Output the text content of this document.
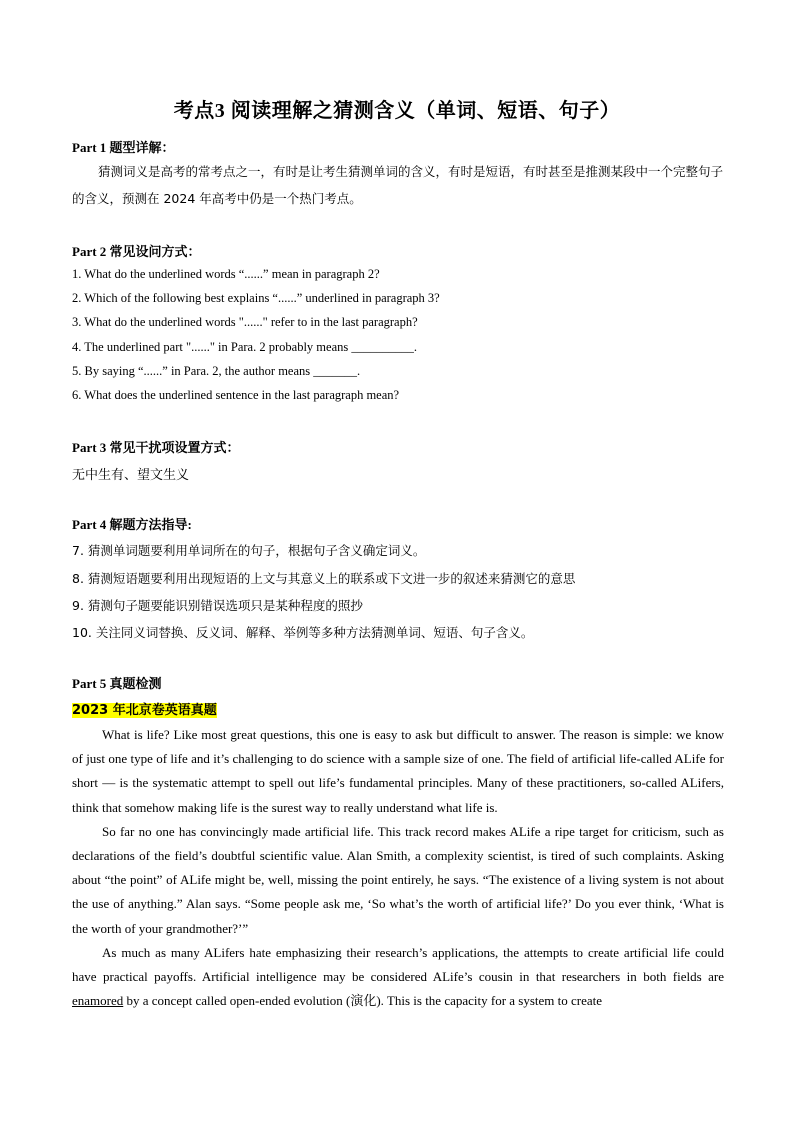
考点3 阅读理解之猜测含义（单词、短语、句子）
Part 1 题型详解：
猜测词义是高考的常考点之一，有时是让考生猜测单词的含义，有时是短语，有时甚至是推测某段中一个完整句子的含义，预测在 2024 年高考中仍是一个热门考点。
Part 2 常见设问方式：
1. What do the underlined words “......” mean in paragraph 2?
2. Which of the following best explains “......” underlined in paragraph 3?
3. What do the underlined words "......" refer to in the last paragraph?
4. The underlined part "......" in Para. 2 probably means __________.
5. By saying “......” in Para. 2, the author means _______.
6. What does the underlined sentence in the last paragraph mean?
Part 3 常见干扰项设置方式：
无中生有、望文生义
Part 4 解题方法指导:
7. 猜测单词题要利用单词所在的句子，根据句子含义确定词义。
8. 猜测短语题要利用出现短语的上文与其意义上的联系或下文进一步的叙述来猜测它的意思
9. 猜测句子题要能识别错误选项只是某种程度的照抄
10. 关注同义词替换、反义词、解释、举例等多种方法猜测单词、短语、句子含义。
Part 5 真题检测
2023 年北京卷英语真题

What is life? Like most great questions, this one is easy to ask but difficult to answer. The reason is simple: we know of just one type of life and it’s challenging to do science with a sample size of one. The field of artificial life-called ALife for short — is the systematic attempt to spell out life’s fundamental principles. Many of these practitioners, so-called ALifers, think that somehow making life is the surest way to really understand what life is.

So far no one has convincingly made artificial life. This track record makes ALife a ripe target for criticism, such as declarations of the field’s doubtful scientific value. Alan Smith, a complexity scientist, is tired of such complaints. Asking about “the point” of ALife might be, well, missing the point entirely, he says. “The existence of a living system is not about the use of anything.” Alan says. “Some people ask me, ‘So what’s the worth of artificial life?’ Do you ever think, ‘What is the worth of your grandmother?’”

As much as many ALifers hate emphasizing their research’s applications, the attempts to create artificial life could have practical payoffs. Artificial intelligence may be considered ALife’s cousin in that researchers in both fields are enamored by a concept called open-ended evolution (演化). This is the capacity for a system to create
